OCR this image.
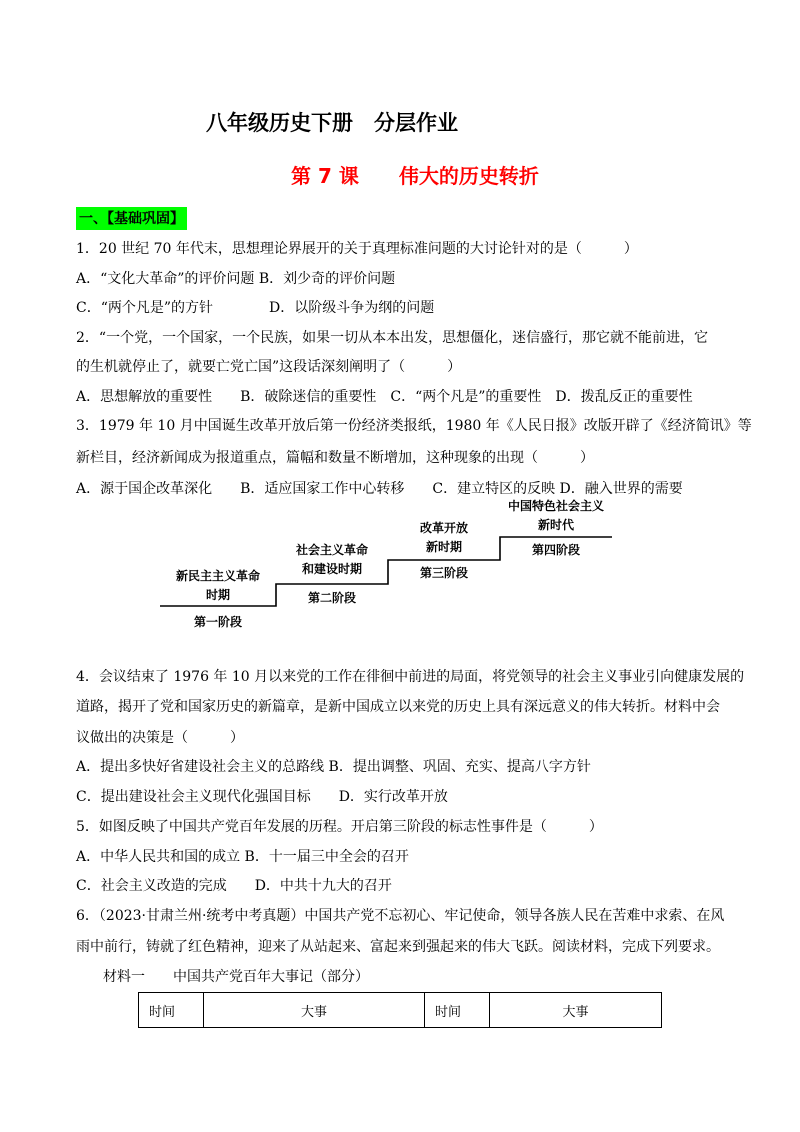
八年级历史下册　分层作业
第 7 课　　伟大的历史转折
一、【基础巩固】
1．20 世纪 70 年代末，思想理论界展开的关于真理标准问题的大讨论针对的是（　　　）
A．“文化大革命”的评价问题 B．刘少奇的评价问题
C．“两个凡是”的方针　　　　D．以阶级斗争为纲的问题
2．“一个党，一个国家，一个民族，如果一切从本本出发，思想僵化，迷信盛行，那它就不能前进，它
的生机就停止了，就要亡党亡国”这段话深刻阐明了（　　　）
A．思想解放的重要性　　B．破除迷信的重要性　C．“两个凡是”的重要性　D．拨乱反正的重要性
3．1979 年 10 月中国诞生改革开放后第一份经济类报纸，1980 年《人民日报》改版开辟了《经济简讯》等
新栏目，经济新闻成为报道重点，篇幅和数量不断增加，这种现象的出现（　　　）
A．源于国企改革深化　　B．适应国家工作中心转移　　C．建立特区的反映 D．融入世界的需要
新民主主义革命
时期
第一阶段
社会主义革命
和建设时期
第二阶段
改革开放
新时期
第三阶段
中国特色社会主义
新时代
第四阶段
4．会议结束了 1976 年 10 月以来党的工作在徘徊中前进的局面，将党领导的社会主义事业引向健康发展的
道路，揭开了党和国家历史的新篇章，是新中国成立以来党的历史上具有深远意义的伟大转折。材料中会
议做出的决策是（　　　）
A．提出多快好省建设社会主义的总路线 B．提出调整、巩固、充实、提高八字方针
C．提出建设社会主义现代化强国目标　　D．实行改革开放
5．如图反映了中国共产党百年发展的历程。开启第三阶段的标志性事件是（　　　）
A．中华人民共和国的成立 B．十一届三中全会的召开
C．社会主义改造的完成　　D．中共十九大的召开
6．（2023·甘肃兰州·统考中考真题）中国共产党不忘初心、牢记使命，领导各族人民在苦难中求索、在风
雨中前行，铸就了红色精神，迎来了从站起来、富起来到强起来的伟大飞跃。阅读材料，完成下列要求。
材料一　　中国共产党百年大事记（部分）
时间	大事	时间	大事
